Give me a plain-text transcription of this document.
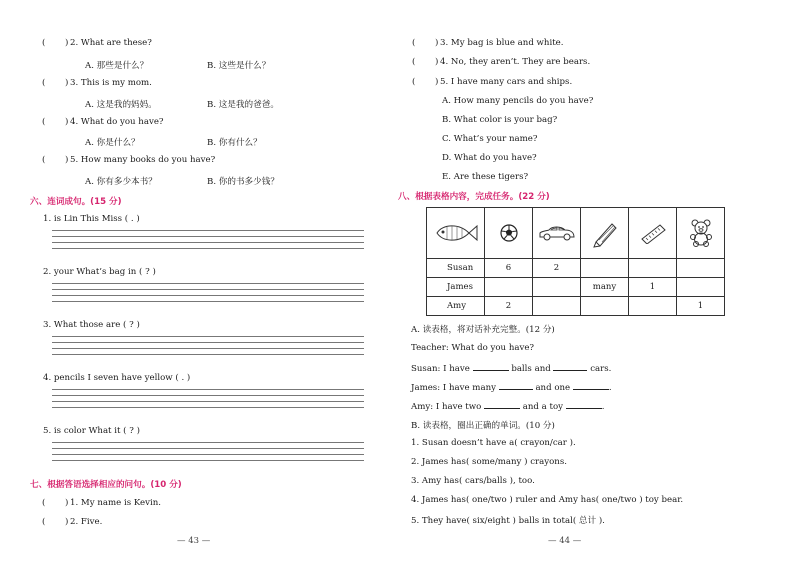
( ) 2. What are these?
A. 那些是什么？	B. 这些是什么？
( ) 3. This is my mom.
A. 这是我的妈妈。	B. 这是我的爸爸。
( ) 4. What do you have?
A. 你是什么？	B. 你有什么？
( ) 5. How many books do you have?
A. 你有多少本书？	B. 你的书多少钱？
六、连词成句。(15 分)
1. is Lin This Miss ( . )
2. your What’s bag in ( ? )
3. What those are ( ? )
4. pencils I seven have yellow ( . )
5. is color What it ( ? )
七、根据答语选择相应的问句。(10 分)
( ) 1. My name is Kevin.
( ) 2. Five.
— 43 —
( ) 3. My bag is blue and white.
( ) 4. No, they aren’t. They are bears.
( ) 5. I have many cars and ships.
A. How many pencils do you have?
B. What color is your bag?
C. What’s your name?
D. What do you have?
E. Are these tigers?
八、根据表格内容，完成任务。(22 分)

Susan	6	2			
James			many	1	
Amy	2				1
A. 读表格，将对话补充完整。(12 分)
Teacher: What do you have?
Susan: I have	balls and	cars.
James: I have many	and one	.
Amy: I have two	and a toy	.
B. 读表格，圈出正确的单词。(10 分)
1. Susan doesn’t have a( crayon/car ).
2. James has( some/many ) crayons.
3. Amy has( cars/balls ), too.
4. James has( one/two ) ruler and Amy has( one/two ) toy bear.
5. They have( six/eight ) balls in total( 总计 ).
— 44 —
